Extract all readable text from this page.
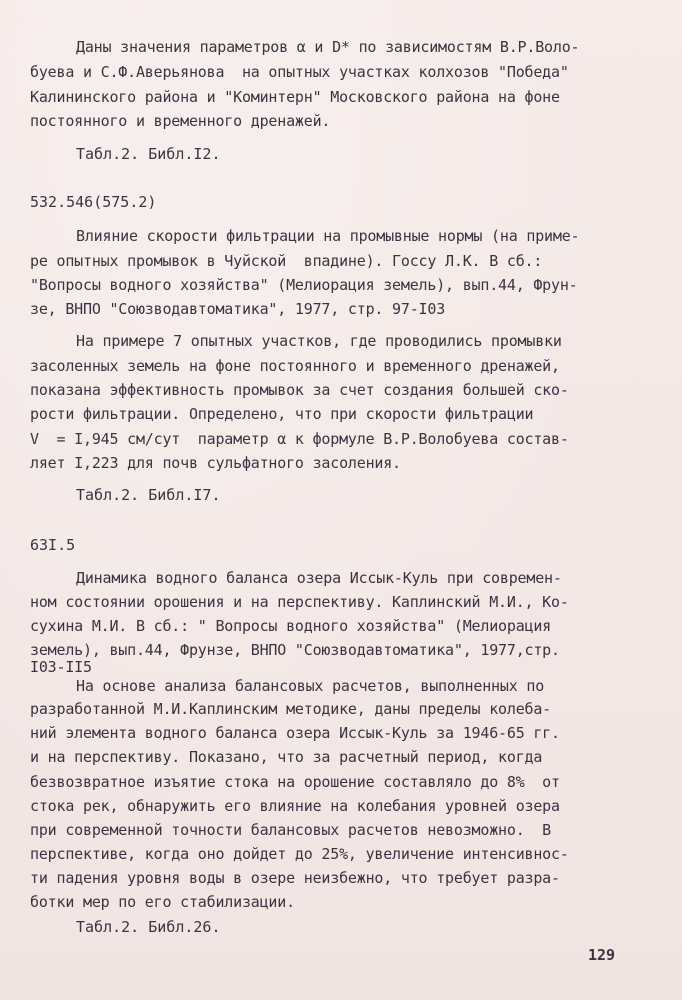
Даны значения параметров α и D* по зависимостям В.Р.Воло-
буева и С.Ф.Аверьянова  на опытных участках колхозов "Победа"
Калининского района и "Коминтерн" Московского района на фоне
постоянного и временного дренажей.
Табл.2. Библ.I2.
532.546(575.2)
Влияние скорости фильтрации на промывные нормы (на приме-
ре опытных промывок в Чуйской  впадине). Госсу Л.К. В сб.:
"Вопросы водного хозяйства" (Мелиорация земель), вып.44, Фрун-
зе, ВНПО "Союзводавтоматика", 1977, стр. 97-I03
На примере 7 опытных участков, где проводились промывки
засоленных земель на фоне постоянного и временного дренажей,
показана эффективность промывок за счет создания большей ско-
рости фильтрации. Определено, что при скорости фильтрации
V  = I,945 см/сут  параметр α к формуле В.Р.Волобуева состав-
ляет I,223 для почв сульфатного засоления.
Табл.2. Библ.I7.
63I.5
Динамика водного баланса озера Иссык-Куль при современ-
ном состоянии орошения и на перспективу. Каплинский М.И., Ко-
сухина М.И. В сб.: " Вопросы водного хозяйства" (Мелиорация
земель), вып.44, Фрунзе, ВНПО "Союзводавтоматика", 1977,стр.
I03-II5
На основе анализа балансовых расчетов, выполненных по
разработанной М.И.Каплинским методике, даны пределы колеба-
ний элемента водного баланса озера Иссык-Куль за 1946-65 гг.
и на перспективу. Показано, что за расчетный период, когда
безвозвратное изъятие стока на орошение составляло до 8%  от
стока рек, обнаружить его влияние на колебания уровней озера
при современной точности балансовых расчетов невозможно.  В
перспективе, когда оно дойдет до 25%, увеличение интенсивнос-
ти падения уровня воды в озере неизбежно, что требует разра-
ботки мер по его стабилизации.
Табл.2. Библ.26.
129
